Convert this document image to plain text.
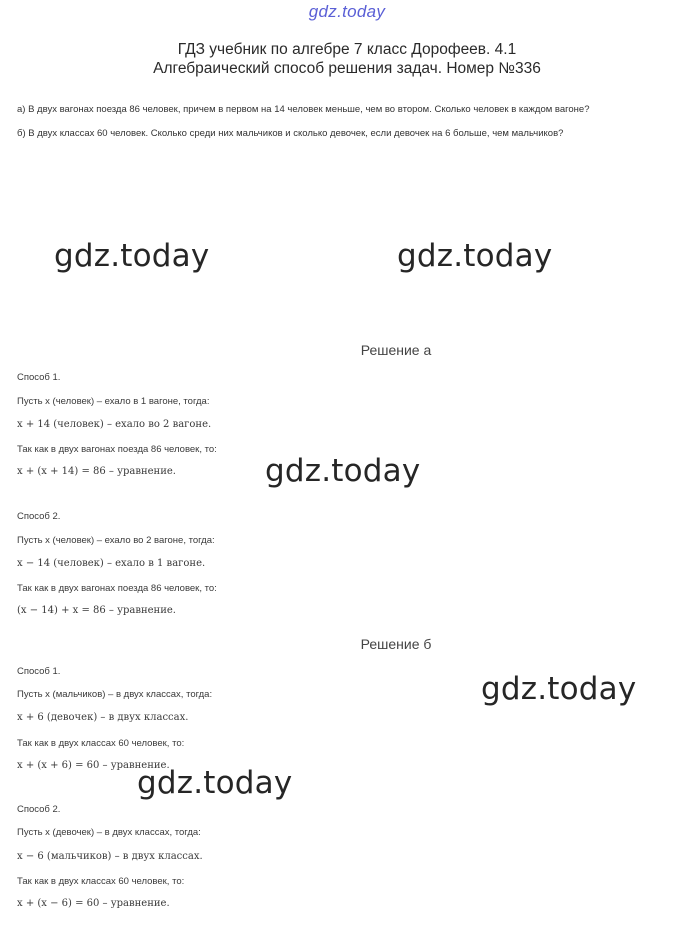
gdz.today
ГДЗ учебник по алгебре 7 класс Дорофеев. 4.1
Алгебраический способ решения задач. Номер №336
а) В двух вагонах поезда 86 человек, причем в первом на 14 человек меньше, чем во втором. Сколько человек в каждом вагоне?
б) В двух классах 60 человек. Сколько среди них мальчиков и сколько девочек, если девочек на 6 больше, чем мальчиков?
gdz.today	gdz.today
gdz.today
gdz.today
gdz.today
Решение а
Способ 1.
Пусть x (человек) – ехало в 1 вагоне, тогда:
x + 14 (человек) – ехало во 2 вагоне.
Так как в двух вагонах поезда 86 человек, то:
x + (x + 14) = 86 – уравнение.
Способ 2.
Пусть x (человек) – ехало во 2 вагоне, тогда:
x − 14 (человек) – ехало в 1 вагоне.
Так как в двух вагонах поезда 86 человек, то:
(x − 14) + x = 86 – уравнение.
Решение б
Способ 1.
Пусть x (мальчиков) – в двух классах, тогда:
x + 6 (девочек) – в двух классах.
Так как в двух классах 60 человек, то:
x + (x + 6) = 60 – уравнение.
Способ 2.
Пусть x (девочек) – в двух классах, тогда:
x − 6 (мальчиков) – в двух классах.
Так как в двух классах 60 человек, то:
x + (x − 6) = 60 – уравнение.
